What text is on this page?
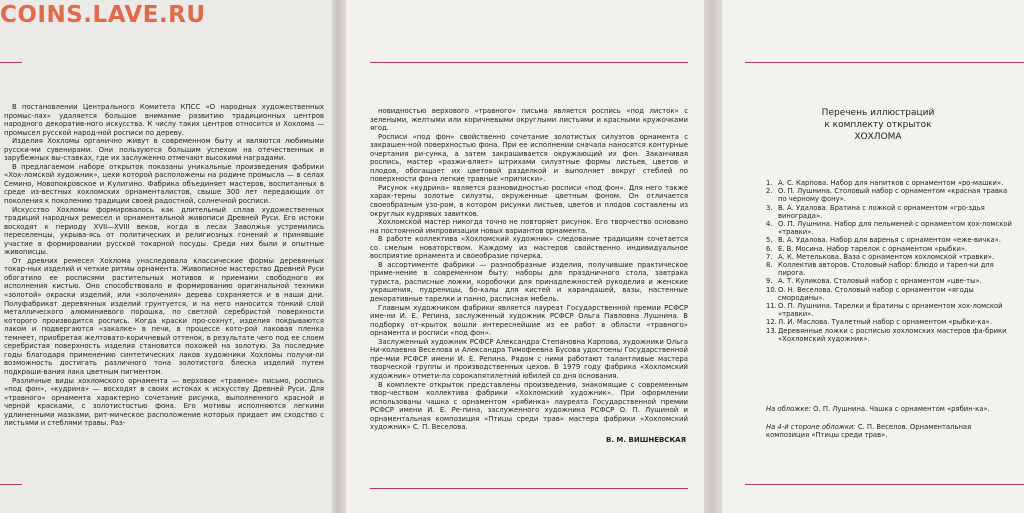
COINS.LAVE.RU

В постановлении Центрального Комитета КПСС «О народных художественных промыс-лах» удаляется большое внимание развитию традиционных центров народного декоратив-ного искусства. К числу таких центров относится и Хохлома — промысел русской народ-ной росписи по дереву.

Изделия Хохломы органично живут в современном быту и являются любимыми русски-ми сувенирами. Они пользуются большим успехом на отечественных и зарубежных вы-ставках, где их заслуженно отмечают высокими наградами.

В предлагаемом наборе открыток показаны уникальные произведения фабрики «Хох-ломской художник», цехи которой расположены на родине промысла — в селах Семино, Новопокровское и Кулигино. Фабрика объединяет мастеров, воспитанных в среде из-вестных хохломских орнаменталистов, свыше 300 лет передающих от поколения к поколению традиции своей радостной, солнечной росписи.

Искусство Хохломы формировалось как длительный сплав художественных традиций народных ремесел и орнаментальной живописи Древней Руси. Его истоки восходят к периоду XVII—XVIII веков, когда в лесах Заволжья устремились переселенцы, укрыва-ясь от политических и религиозных гонений и принявшие участие в формировании русской токарной посуды. Среди них были и опытные живописцы.

От древних ремесел Хохлома унаследовала классические формы деревянных токар-ных изделий и четкие ритмы орнамента. Живописное мастерство Древней Руси обогатило ее росписями растительных мотивов и приемами свободного их исполнения кистью. Оно способствовало и формированию оригинальной техники «золотой» окраски изделий, или «золочения» дерева сохраняется и в наши дни. Полуфабрикат деревянных изделий грунтуется, и на него наносится тонкий слой металлического алюминиевого порошка, по светлой серебристой поверхности которого производится роспись. Когда краски про-сохнут, изделия покрываются лаком и подвергаются «закалке» в печи, в процессе кото-рой лаковая пленка темнеет, приобретая желтовато-коричневый оттенок, в результате чего под ее слоем серебристая поверхность изделия становится похожей на золотую. За последние годы благодаря применению синтетических лаков художники Хохломы получи-ли возможность достигать различного тона золотистого блеска изделий путем подкраши-вания лака цветным пигментом.

Различные виды хохломского орнамента — верховое «травное» письмо, роспись «под фон», «кудрина» — восходят в своих истоках к искусству Древней Руси. Для «травного» орнамента характерно сочетание рисунка, выполненного красной и черной красками, с золотистостью фона. Его мотивы исполняются легкими удлиненными мазками, рит-мическое расположение которых придает им сходство с листьями и стеблями травы. Раз-

новидностью верхового «травного» письма является роспись «под листок» с зелеными, желтыми или коричневыми округлыми листьями и красными кружочками ягод.

Росписи «под фон» свойственно сочетание золотистых силуэтов орнамента с закрашен-ной поверхностью фона. При ее исполнении сначала наносятся контурные очертания ри-сунка, а затем закрашивается окружающий их фон. Заканчивая роспись, мастер «разжи-вляет» штрихами силуэтные формы листьев, цветов и плодов, обогащает их цветовой разделкой и выполняет вокруг стеблей по поверхности фона легкие травные «приписки».

Рисунок «кудрина» является разновидностью росписи «под фон». Для него также харак-терны золотые силуэты, окруженные цветным фоном. Он отличается своеобразным узо-ром, в котором рисунки листьев, цветов и плодов составлены из округлых кудрявых завитков.

Хохломской мастер никогда точно не повторяет рисунок. Его творчество основано на постоянной импровизации новых вариантов орнамента.

В работе коллектива «Хохломский художник» следование традициям сочетается со смелым новаторством. Каждому из мастеров свойственно индивидуальное восприятие орнамента и своеобразие почерка.

В ассортименте фабрики — разнообразные изделия, получившие практическое приме-нение в современном быту: наборы для праздничного стола, завтрака туриста, расписные ложки, коробочки для принадлежностей рукоделия и женские украшения, пудреницы, бо-калы для кистей и карандашей, вазы, настенные декоративные тарелки и панно, расписная мебель.

Главным художником фабрики является лауреат Государственной премии РСФСР име-ни И. Е. Репина, заслуженный художник РСФСР Ольга Павловна Лушнина. В подборку от-крыток вошли интереснейшие из ее работ в области «травного» орнамента и росписи «под фон».

Заслуженный художник РСФСР Александра Степановна Карпова, художники Ольга Ни-колаевна Веселова и Александра Тимофеевна Бусова удостоены Государственной пре-мии РСФСР имени И. Е. Репина. Рядом с ними работают талантливые мастера творческой группы и производственных цехов. В 1979 году фабрика «Хохломский художник» отмети-ла сорокапятилетний юбилей со дня основания.

В комплекте открыток представлены произведения, знакомящие с современным твор-чеством коллектива фабрики «Хохломский художник». При оформлении использованы чашка с орнаментом «рябинка» лауреата Государственной премии РСФСР имени И. Е. Ре-пина, заслуженного художника РСФСР О. П. Лушиной и орнаментальная композиция «Птицы среди трав» мастера фабрики «Хохломский художник» С. П. Веселова.

В. М. ВИШНЕВСКАЯ
Перечень иллюстраций
к комплекту открыток
ХОХЛОМА
1. А. С. Карпова. Набор для напитков с орнаментом «ро-машки».
2. О. П. Лушнина. Столовый набор с орнаментом «красная травка по черному фону».
3. В. А. Удалова. Братина с ложкой с орнаментом «гро-здья винограда».
4. О. П. Лушнина. Набор для пельменей с орнаментом хох-ломской «травки».
5. В. А. Удалова. Набор для варенья с орнаментом «ежe-вичка».
6. Е. В. Мосина. Набор тарелок с орнаментом «рыбки».
7. А. К. Метелькова. Ваза с орнаментом хохломской «травки».
8. Коллектив авторов. Столовый набор: блюдо и тарел-ки для пирога.
9. А. Т. Куликова. Столовый набор с орнаментом «цвe-ты».
10. О. Н. Веселова. Столовый набор с орнаментом «ягоды смородины».
11. О. П. Лушнина. Тарелки и братины с орнаментом хох-ломской «травки».
12. Л. И. Маслова. Туалетный набор с орнаментом «рыбки-ка».
13. Деревянные ложки с росписью хохломских мастеров фа-брики «Хохломский художник».
На обложке: О. П. Лушнина. Чашка с орнаментом «рябин-ка».
На 4-й стороне обложки: С. П. Веселов. Орнаментальная композиция «Птицы среди трав».
